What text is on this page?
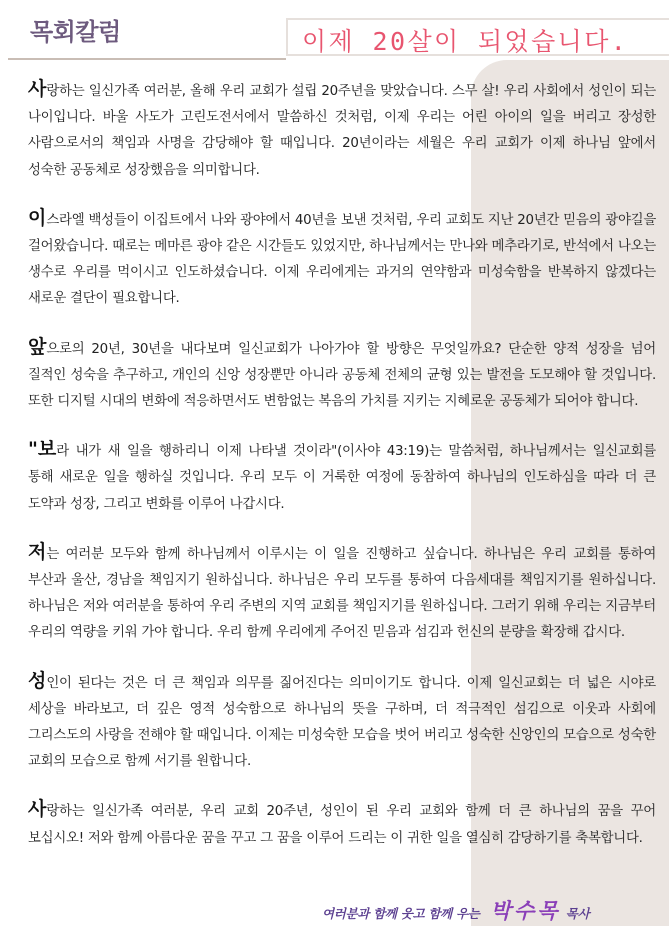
목회칼럼	이제 20살이 되었습니다.

사랑하는 일신가족 여러분, 올해 우리 교회가 설립 20주년을 맞았습니다. 스무 살! 우리 사회에서 성인이 되는 나이입니다. 바울 사도가 고린도전서에서 말씀하신 것처럼, 이제 우리는 어린 아이의 일을 버리고 장성한 사람으로서의 책임과 사명을 감당해야 할 때입니다. 20년이라는 세월은 우리 교회가 이제 하나님 앞에서 성숙한 공동체로 성장했음을 의미합니다.

이스라엘 백성들이 이집트에서 나와 광야에서 40년을 보낸 것처럼, 우리 교회도 지난 20년간 믿음의 광야길을 걸어왔습니다. 때로는 메마른 광야 같은 시간들도 있었지만, 하나님께서는 만나와 메추라기로, 반석에서 나오는 생수로 우리를 먹이시고 인도하셨습니다. 이제 우리에게는 과거의 연약함과 미성숙함을 반복하지 않겠다는 새로운 결단이 필요합니다.

앞으로의 20년, 30년을 내다보며 일신교회가 나아가야 할 방향은 무엇일까요? 단순한 양적 성장을 넘어 질적인 성숙을 추구하고, 개인의 신앙 성장뿐만 아니라 공동체 전체의 균형 있는 발전을 도모해야 할 것입니다. 또한 디지털 시대의 변화에 적응하면서도 변함없는 복음의 가치를 지키는 지혜로운 공동체가 되어야 합니다.

"보라 내가 새 일을 행하리니 이제 나타낼 것이라"(이사야 43:19)는 말씀처럼, 하나님께서는 일신교회를 통해 새로운 일을 행하실 것입니다. 우리 모두 이 거룩한 여정에 동참하여 하나님의 인도하심을 따라 더 큰 도약과 성장, 그리고 변화를 이루어 나갑시다.

저는 여러분 모두와 함께 하나님께서 이루시는 이 일을 진행하고 싶습니다. 하나님은 우리 교회를 통하여 부산과 울산, 경남을 책임지기 원하십니다. 하나님은 우리 모두를 통하여 다음세대를 책임지기를 원하십니다. 하나님은 저와 여러분을 통하여 우리 주변의 지역 교회를 책임지기를 원하십니다. 그러기 위해 우리는 지금부터 우리의 역량을 키워 가야 합니다. 우리 함께 우리에게 주어진 믿음과 섬김과 헌신의 분량을 확장해 갑시다.

성인이 된다는 것은 더 큰 책임과 의무를 짊어진다는 의미이기도 합니다. 이제 일신교회는 더 넓은 시야로 세상을 바라보고, 더 깊은 영적 성숙함으로 하나님의 뜻을 구하며, 더 적극적인 섬김으로 이웃과 사회에 그리스도의 사랑을 전해야 할 때입니다. 이제는 미성숙한 모습을 벗어 버리고 성숙한 신앙인의 모습으로 성숙한 교회의 모습으로 함께 서기를 원합니다.

사랑하는 일신가족 여러분, 우리 교회 20주년, 성인이 된 우리 교회와 함께 더 큰 하나님의 꿈을 꾸어 보십시오! 저와 함께 아름다운 꿈을 꾸고 그 꿈을 이루어 드리는 이 귀한 일을 열심히 감당하기를 축복합니다.

여러분과 함께 웃고 함께 우는 박수목 목사
